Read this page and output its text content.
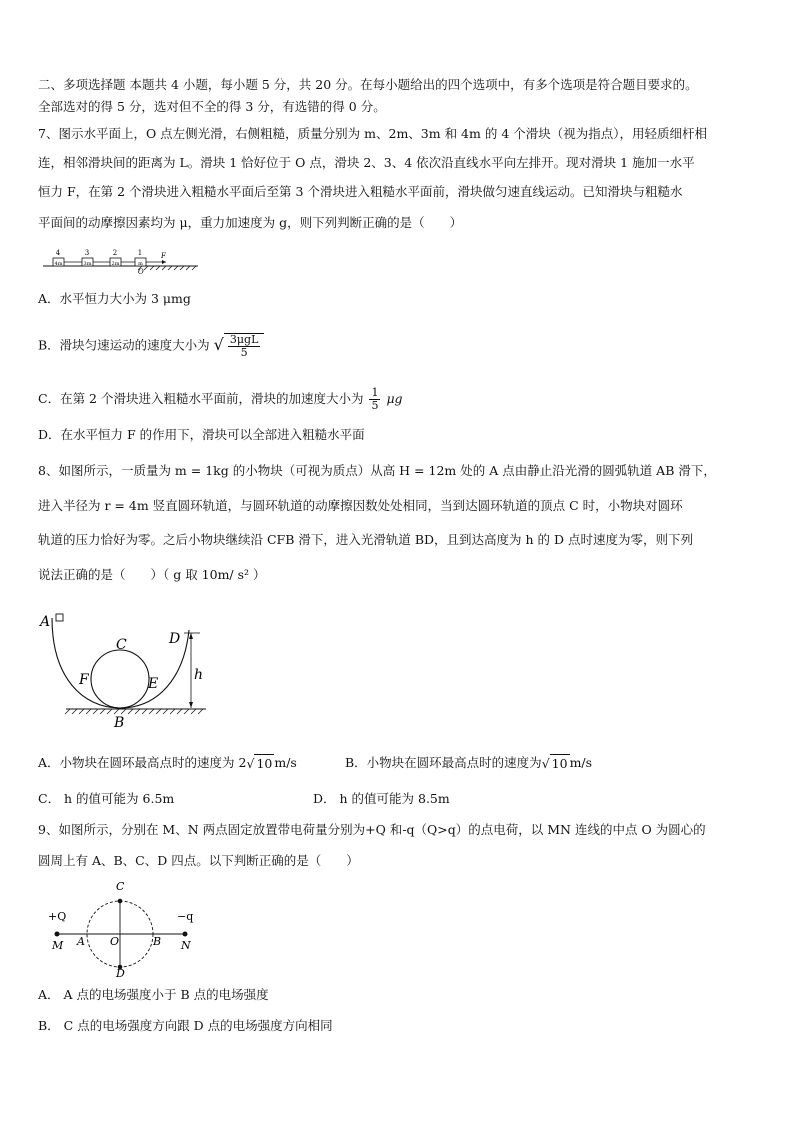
二、多项选择题 本题共 4 小题，每小题 5 分，共 20 分。在每小题给出的四个选项中，有多个选项是符合题目要求的。
全部选对的得 5 分，选对但不全的得 3 分，有选错的得 0 分。
7、图示水平面上，O 点左侧光滑，右侧粗糙，质量分别为 m、2m、3m 和 4m 的 4 个滑块（视为指点），用轻质细杆相
连，相邻滑块间的距离为 L。滑块 1 恰好位于 O 点，滑块 2、3、4 依次沿直线水平向左排开。现对滑块 1 施加一水平
恒力 F，在第 2 个滑块进入粗糙水平面后至第 3 个滑块进入粗糙水平面前，滑块做匀速直线运动。已知滑块与粗糙水
平面间的动摩擦因素均为 μ，重力加速度为 g，则下列判断正确的是（　　）
4m	3m	2m	m
4	3	2	1	F
O
A．水平恒力大小为 3 μmg
B．滑块匀速运动的速度大小为 √ $\frac{\text{3μgL}}{5}$
C．在第 2 个滑块进入粗糙水平面前，滑块的加速度大小为 $\frac{1}{5}$ μg
D．在水平恒力 F 的作用下，滑块可以全部进入粗糙水平面
8、如图所示，一质量为 m = 1kg 的小物块（可视为质点）从高 H = 12m 处的 A 点由静止沿光滑的圆弧轨道 AB 滑下，
进入半径为 r = 4m 竖直圆环轨道，与圆环轨道的动摩擦因数处处相同，当到达圆环轨道的顶点 C 时，小物块对圆环
轨道的压力恰好为零。之后小物块继续沿 CFB 滑下，进入光滑轨道 BD，且到达高度为 h 的 D 点时速度为零，则下列
说法正确的是（　　）（ g 取 10m/ s² ）
A
C	D
F	E
h
B
A．小物块在圆环最高点时的速度为 2√ 10 m/s	B．小物块在圆环最高点时的速度为√ 10 m/s
C． h 的值可能为 6.5m	D． h 的值可能为 8.5m
9、如图所示，分别在 M、N 两点固定放置带电荷量分别为+Q 和-q（Q>q）的点电荷，以 MN 连线的中点 O 为圆心的
圆周上有 A、B、C、D 四点。以下判断正确的是（　　）
C
+Q	−q
M A O	B N
D
A． A 点的电场强度小于 B 点的电场强度
B． C 点的电场强度方向跟 D 点的电场强度方向相同
